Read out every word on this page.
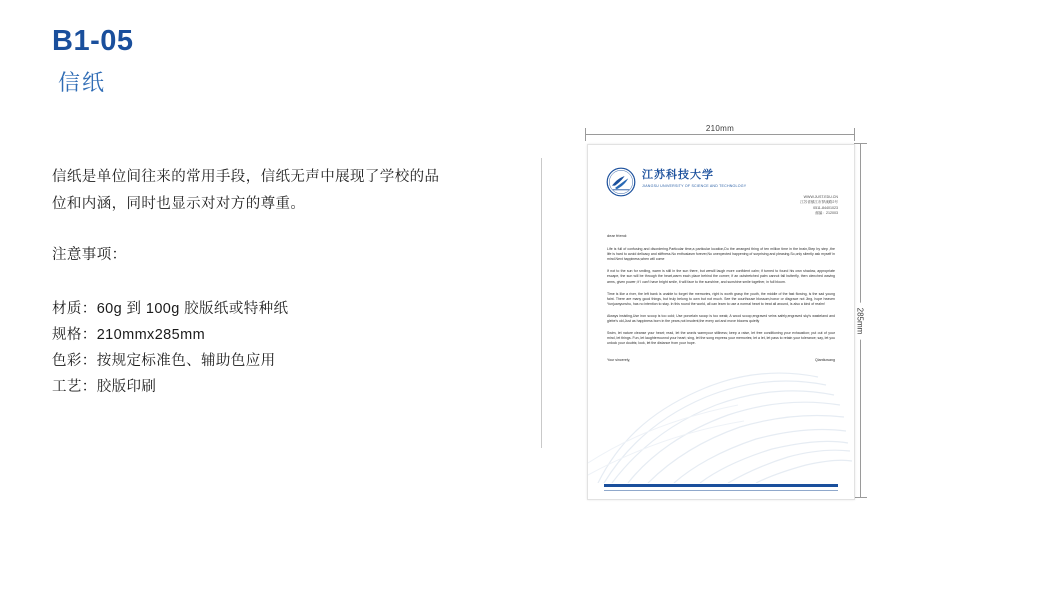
B1-05
信纸

信纸是单位间往来的常用手段，信纸无声中展现了学校的品位和内涵，同时也显示对对方的尊重。

注意事项：
材质：60g 到 100g 胶版纸或特种纸
规格：210mmx285mm
色彩：按规定标准色、辅助色应用
工艺：胶版印刷
210mm
285mm
江苏科技大学
JIANGSU UNIVERSITY OF SCIENCE AND TECHNOLOGY
WWW.JUST.EDU.CN
江苏省镇江市梦溪路2号
0511-84401023
邮编：212003

dear friend:

Life is full of confusing and disordering.Particular time,a particular location,Do the arranged thing of ten million time in the brain,Step by step ,the life is hard to avoid delicacy and stiffness.No enthusiasm forever,No unexpected happening of surprising and pleasing.So,only silently ask myself in mind.Next happiness,when will come

If not to the sun for smiling, warm is still in the sun there, but wewill laugh more confident calm; if turned to found his own shadow, appropriate escape, the sun will be through the heart,warm each place behind the corner; if an outstretched palm cannot fall butterfly, then clenched waving arms, given power; if I can't have bright smile, it will face to the sunshine, and sunshine smile together, in full bloom.

Time is like a river, the left bank is unable to forget the memories, right is worth grasp the youth, the middle of the fast flowing, is the sad young faint. There are many good things, but truly belong to own but not much. See the courthouse blossom,honor or disgrace not Jing, hope heaven Yunjuanyunshu, has no intention to stay. In this round the world, all can learn to use a normal heart to treat all around, is also a kind of realm!

Always insisting,Use iron scoop is too cold; Use porcelain scoop is too weak; A wood scoop,engraved veins safely,engraved sky's wasteland and glebe's old,Just as happiness born in the years,not insolent,the every act and move blooms quietly

Swim, let nature cleanse your heart; read, let the words warmyour stillness; keep a raise, let free conditioning your exhaustion; put out of your mind, let things. Fun, let laughterrounnd your heart; sing, let the song express your memories; let a let, let pass to retain your tolerance; say, let you unlock your doubts; look, let the distance from your hope.

Your sincerely,	Qiantiuwang
